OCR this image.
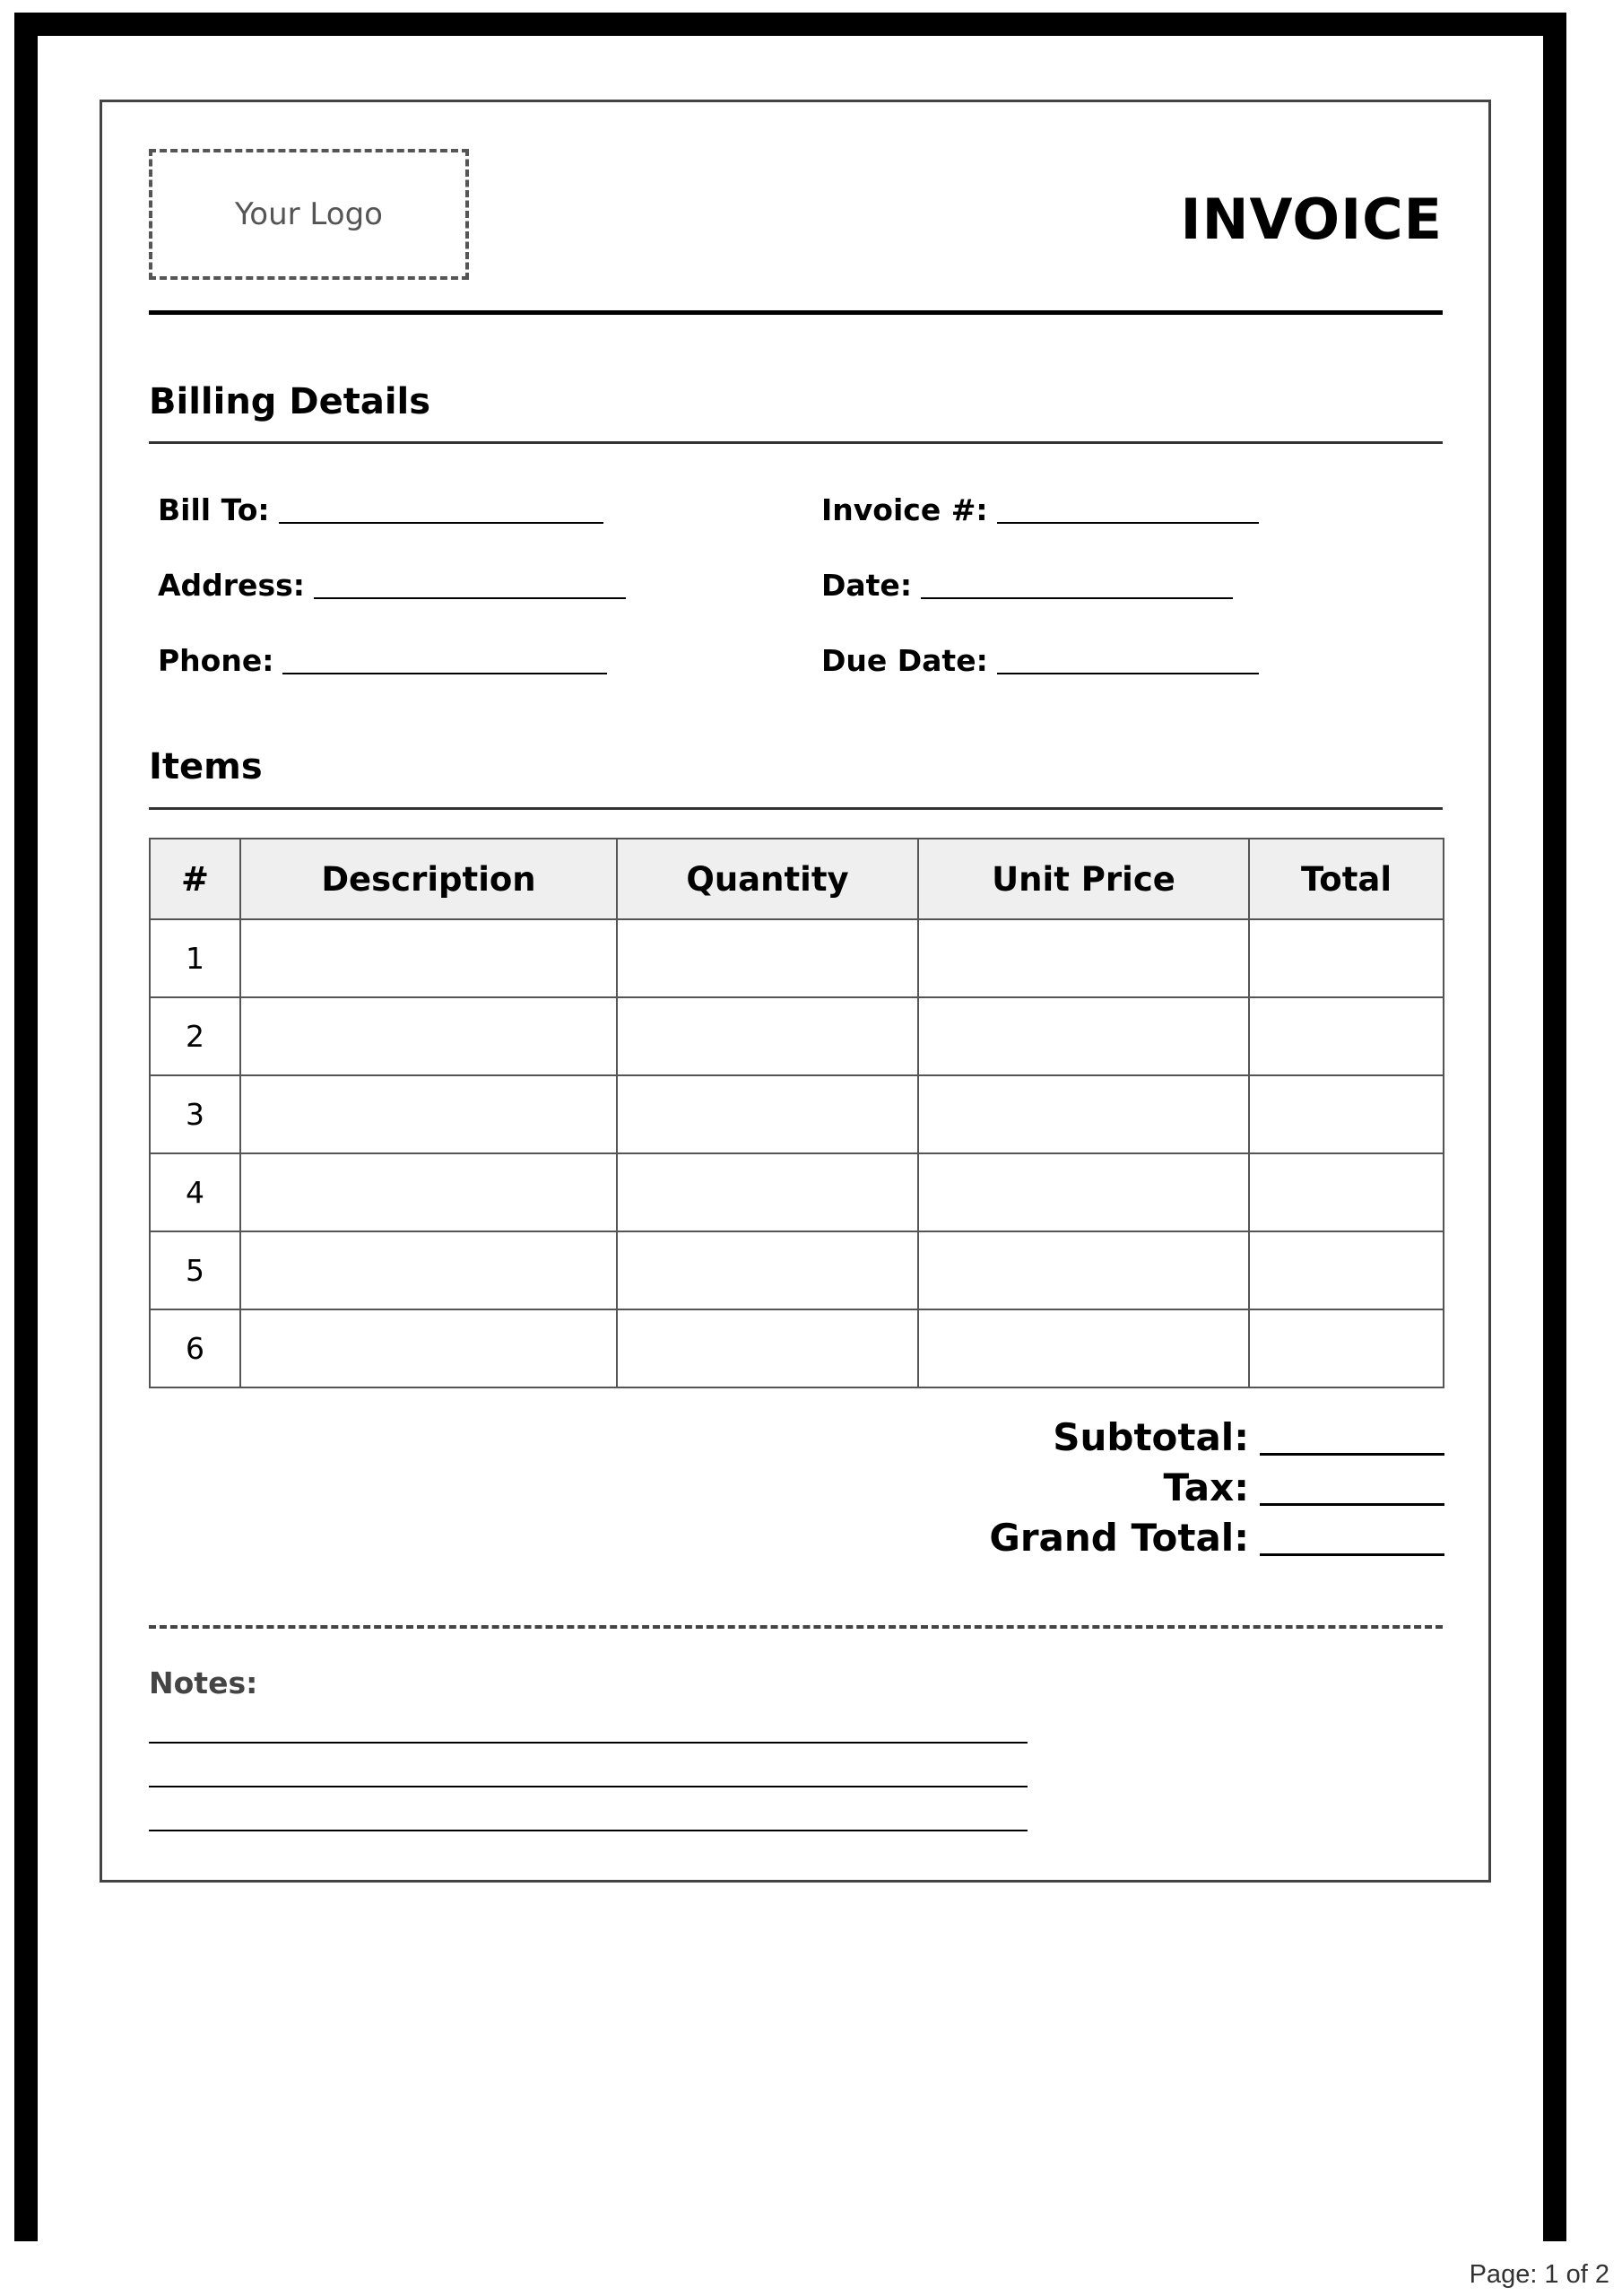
Your Logo	INVOICE
Billing Details
Bill To:
Address:
Phone:
Invoice #:
Date:
Due Date:
Items
#	Description	Quantity	Unit Price	Total
1				
2				
3				
4				
5				
6				
Subtotal:
Tax:
Grand Total:
Notes:
Page: 1 of 2
